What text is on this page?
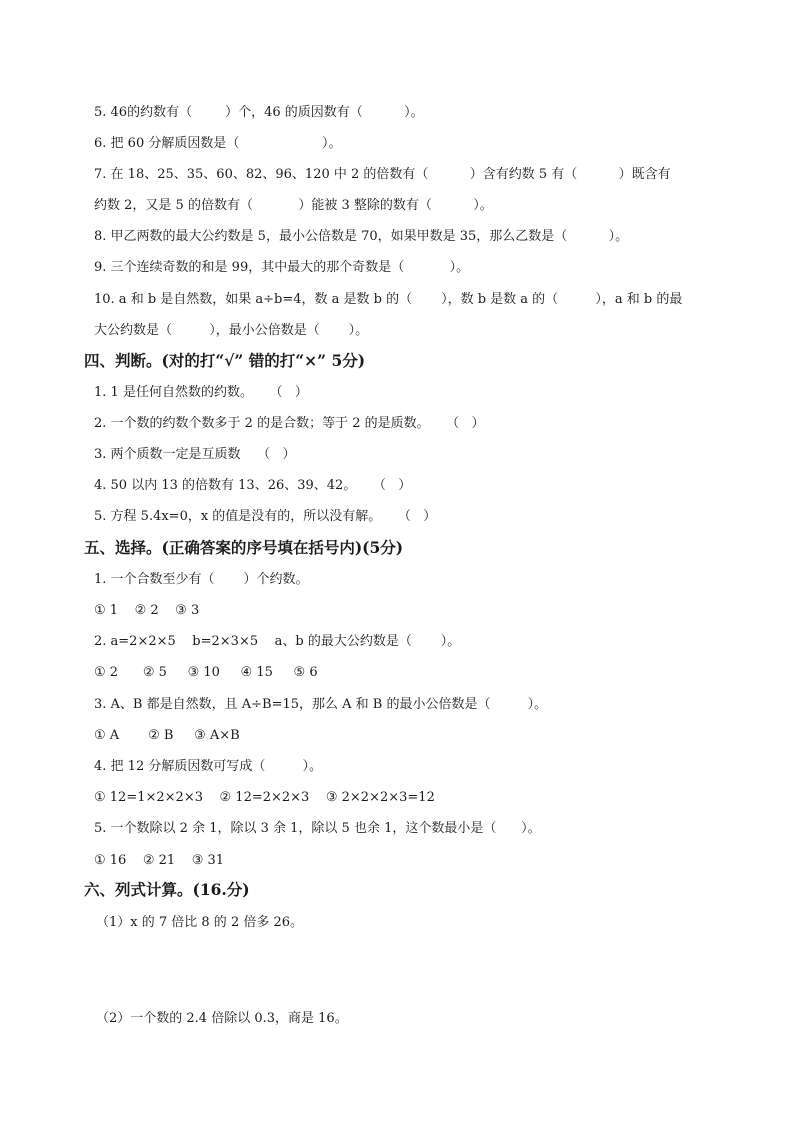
5. 46的约数有（        ）个，46 的质因数有（          ）。
6. 把 60 分解质因数是（                    ）。
7. 在 18、25、35、60、82、96、120 中 2 的倍数有（          ）含有约数 5 有（          ）既含有
约数 2，又是 5 的倍数有（           ）能被 3 整除的数有（          ）。
8. 甲乙两数的最大公约数是 5，最小公倍数是 70，如果甲数是 35，那么乙数是（          ）。
9. 三个连续奇数的和是 99，其中最大的那个奇数是（           ）。
10. a 和 b 是自然数，如果 a÷b=4，数 a 是数 b 的（       ），数 b 是数 a 的（         ），a 和 b 的最
大公约数是（         ），最小公倍数是（       ）。
四、判断。(对的打“√” 错的打“×” 5分)
1. 1 是任何自然数的约数。    （   ）
2. 一个数的约数个数多于 2 的是合数；等于 2 的是质数。    （   ）
3. 两个质数一定是互质数    （   ）
4. 50 以内 13 的倍数有 13、26、39、42。    （   ）
5. 方程 5.4x=0，x 的值是没有的，所以没有解。    （   ）
五、选择。(正确答案的序号填在括号内)(5分)
1. 一个合数至少有（       ）个约数。
① 1    ② 2    ③ 3
2. a=2×2×5    b=2×3×5    a、b 的最大公约数是（       ）。
① 2      ② 5     ③ 10     ④ 15     ⑤ 6
3. A、B 都是自然数，且 A÷B=15，那么 A 和 B 的最小公倍数是（         ）。
① A       ② B     ③ A×B
4. 把 12 分解质因数可写成（         ）。
① 12=1×2×2×3    ② 12=2×2×3    ③ 2×2×2×3=12
5. 一个数除以 2 余 1，除以 3 余 1，除以 5 也余 1，这个数最小是（      ）。
① 16    ② 21    ③ 31
六、列式计算。(16.分)
（1）x 的 7 倍比 8 的 2 倍多 26。
（2）一个数的 2.4 倍除以 0.3，商是 16。
